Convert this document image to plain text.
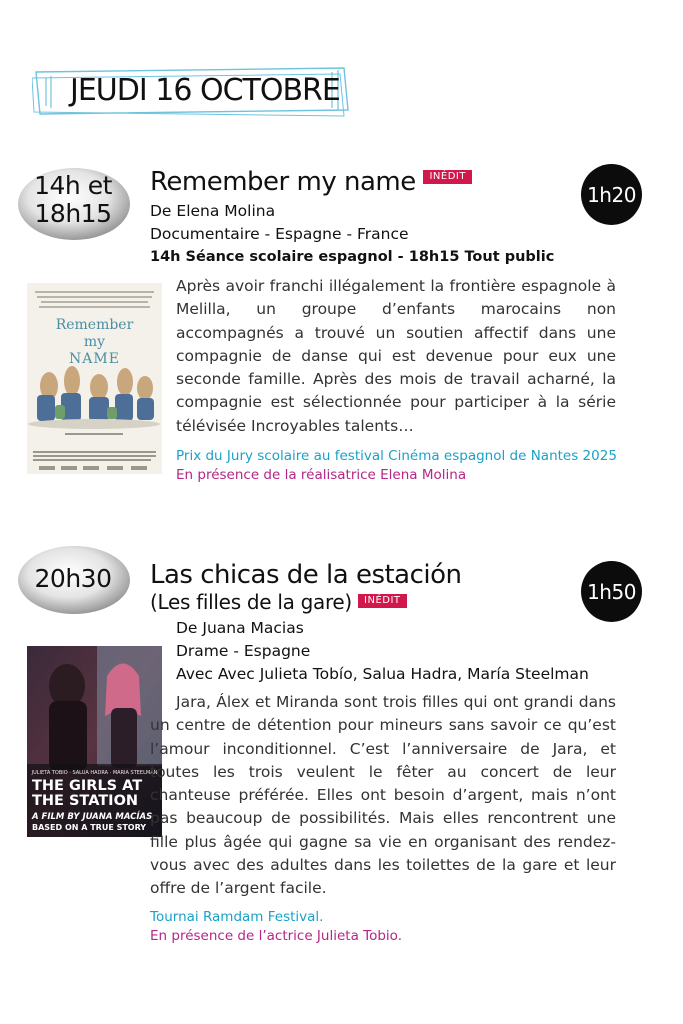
JEUDI 16 OCTOBRE
14h et
18h15
Remember my name INÉDIT
1h20
De Elena Molina
Documentaire - Espagne - France
14h Séance scolaire espagnol - 18h15 Tout public
Remember
my
NAME
Après avoir franchi illégalement la frontière espagnole à Melilla, un groupe d’enfants marocains non accompagnés a trouvé un soutien affectif dans une compagnie de danse qui est devenue pour eux une seconde famille. Après des mois de travail acharné, la compagnie est sélectionnée pour participer à la série télévisée Incroyables talents…
Prix du Jury scolaire au festival Cinéma espagnol de Nantes 2025
En présence de la réalisatrice Elena Molina
20h30	Las chicas de la estación
(Les filles de la gare) INÉDIT	1h50
De Juana Macias
Drame - Espagne
Avec Avec Julieta Tobío, Salua Hadra, María Steelman
JULIETA TOBÍO · SALUA HADRA · MARÍA STEELMAN
THE GIRLS AT
THE STATION
A FILM BY JUANA MACÍAS
BASED ON A TRUE STORY
Jara, Álex et Miranda sont trois filles qui ont grandi dans un centre de détention pour mineurs sans savoir ce qu’est l’amour inconditionnel. C’est l’anniversaire de Jara, et toutes les trois veulent le fêter au concert de leur chanteuse préférée. Elles ont besoin d’argent, mais n’ont pas beaucoup de possibilités. Mais elles rencontrent une fille plus âgée qui gagne sa vie en organisant des rendez-vous avec des adultes dans les toilettes de la gare et leur offre de l’argent facile.
Tournai Ramdam Festival.
En présence de l’actrice Julieta Tobio.
